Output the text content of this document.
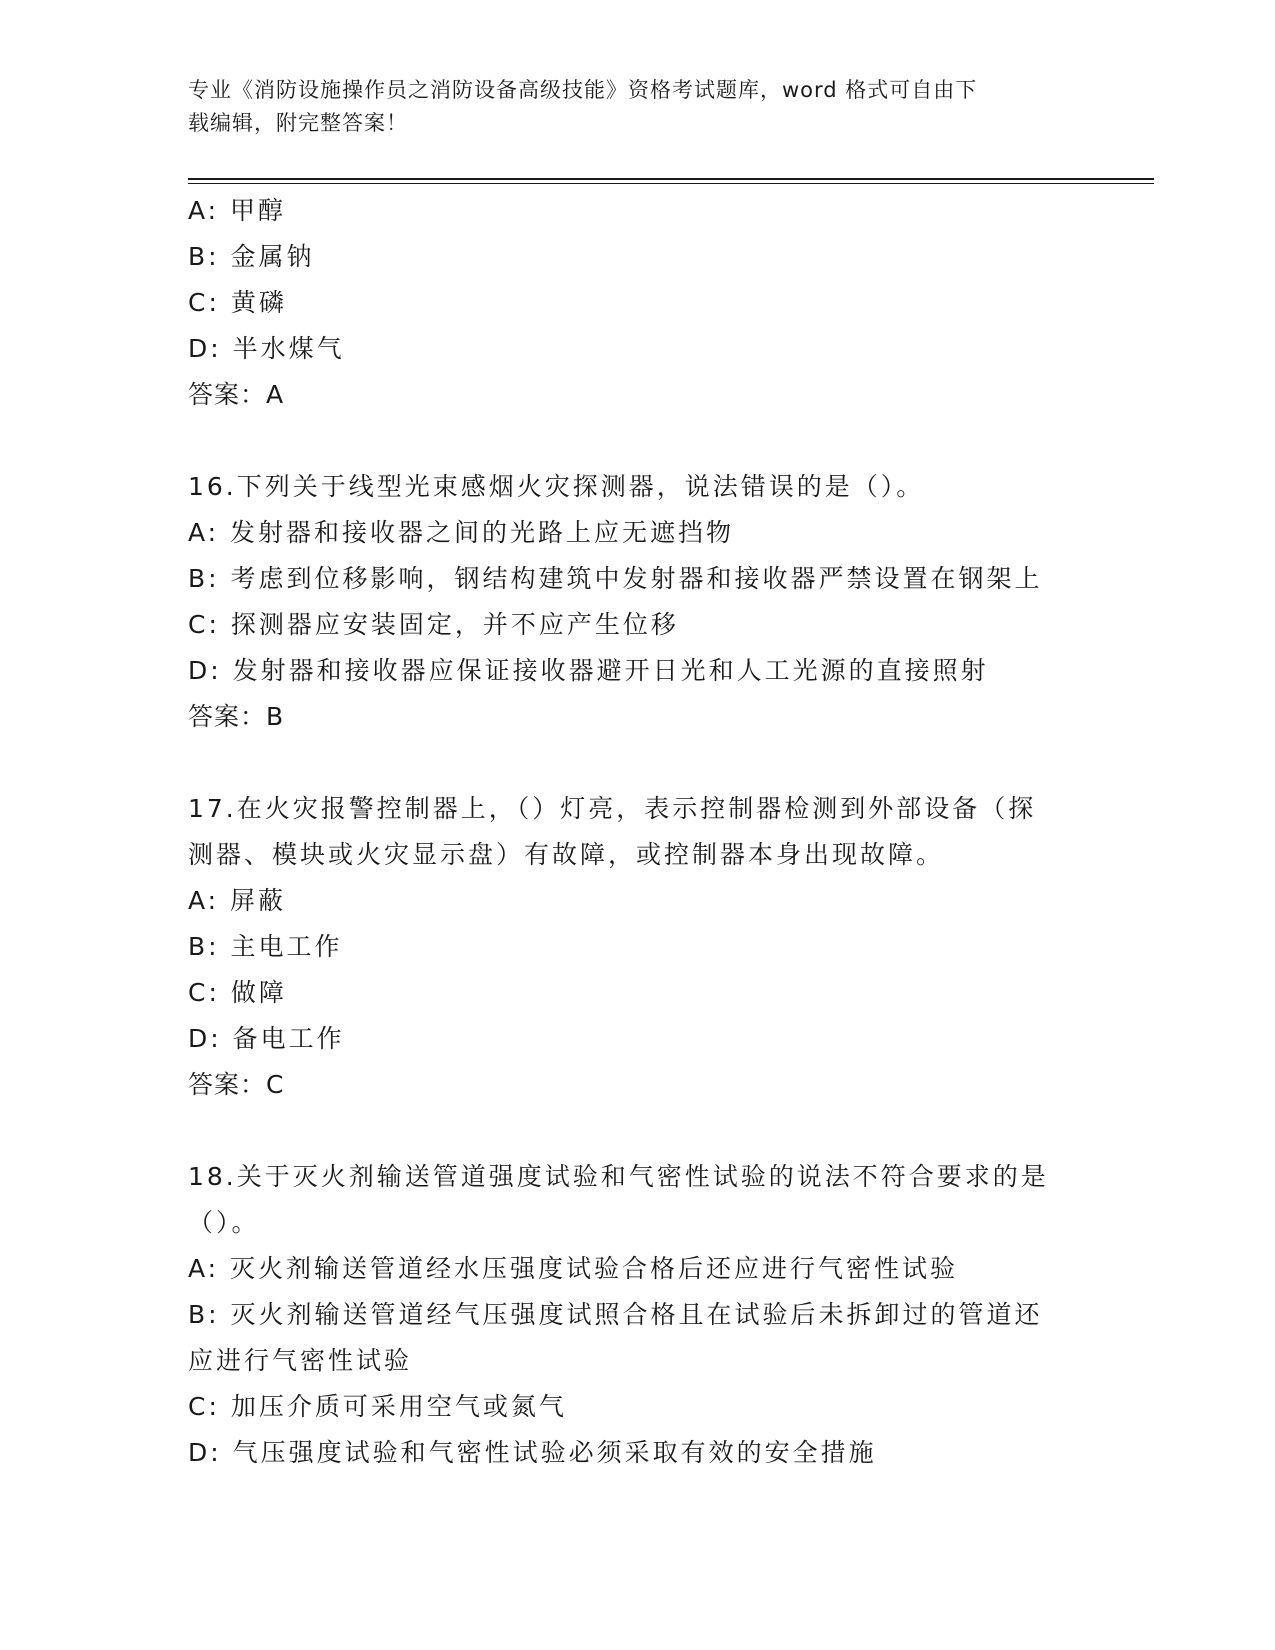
专业《消防设施操作员之消防设备高级技能》资格考试题库，word 格式可自由下
载编辑，附完整答案！
A: 甲醇
B: 金属钠
C: 黄磷
D: 半水煤气
答案：A
16.下列关于线型光束感烟火灾探测器，说法错误的是（）。
A: 发射器和接收器之间的光路上应无遮挡物
B: 考虑到位移影响，钢结构建筑中发射器和接收器严禁设置在钢架上
C: 探测器应安装固定，并不应产生位移
D: 发射器和接收器应保证接收器避开日光和人工光源的直接照射
答案：B
17.在火灾报警控制器上，（）灯亮，表示控制器检测到外部设备（探
测器、模块或火灾显示盘）有故障，或控制器本身出现故障。
A: 屏蔽
B: 主电工作
C: 做障
D: 备电工作
答案：C
18.关于灭火剂输送管道强度试验和气密性试验的说法不符合要求的是
（）。
A: 灭火剂输送管道经水压强度试验合格后还应进行气密性试验
B: 灭火剂输送管道经气压强度试照合格且在试验后未拆卸过的管道还
应进行气密性试验
C: 加压介质可采用空气或氮气
D: 气压强度试验和气密性试验必须采取有效的安全措施
